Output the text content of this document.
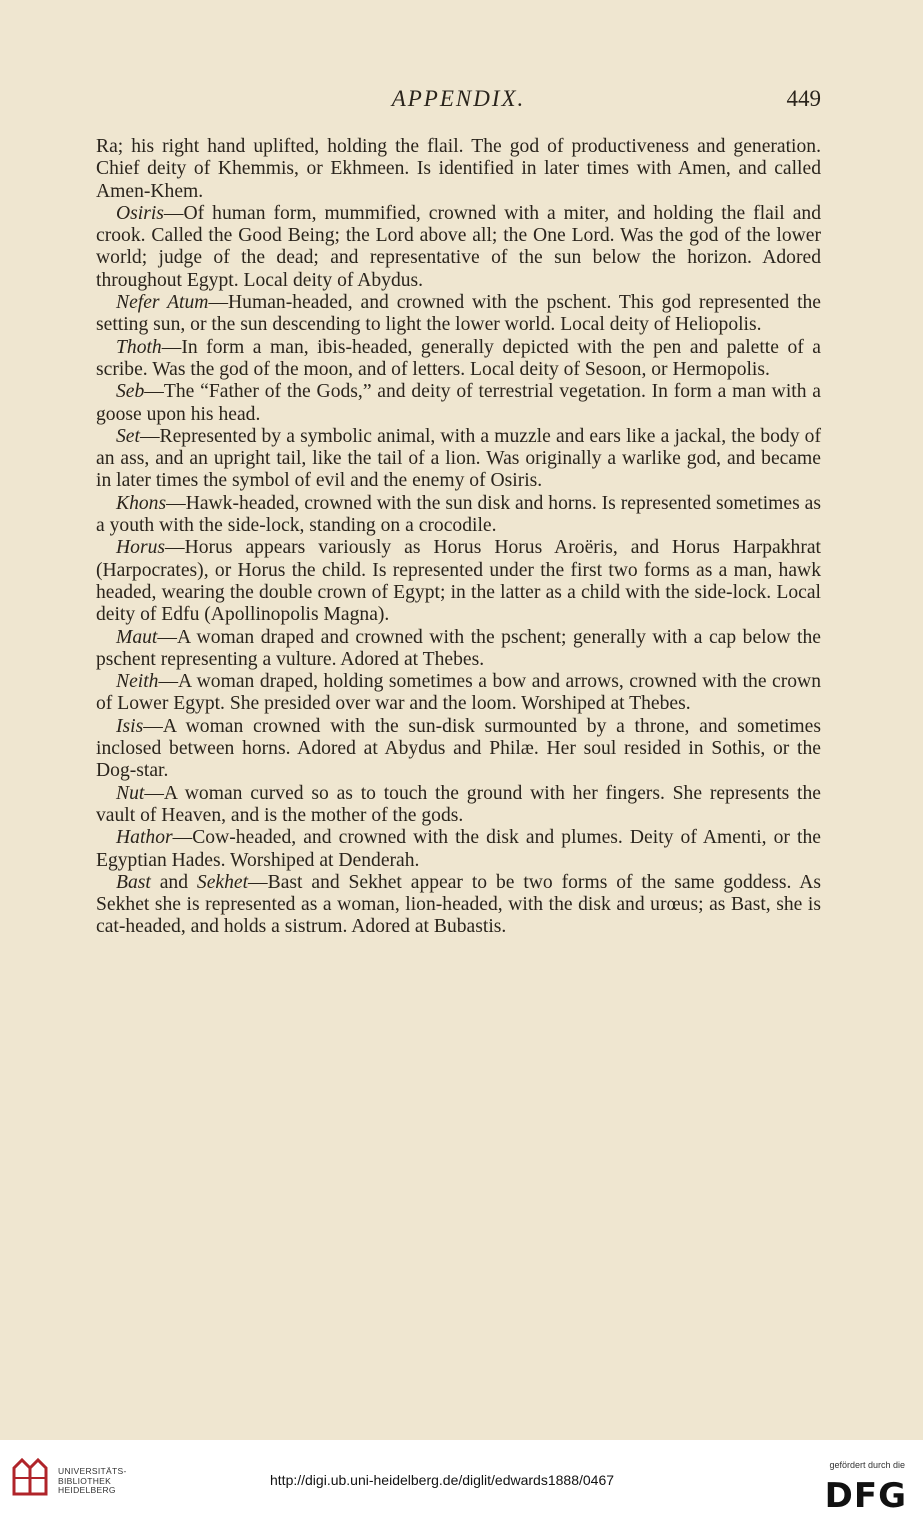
APPENDIX.	449

Ra; his right hand uplifted, holding the flail. The god of productiveness and generation. Chief deity of Khemmis, or Ekhmeen. Is identified in later times with Amen, and called Amen-Khem.

Osiris—Of human form, mummified, crowned with a miter, and holding the flail and crook. Called the Good Being; the Lord above all; the One Lord. Was the god of the lower world; judge of the dead; and representative of the sun below the horizon. Adored throughout Egypt. Local deity of Abydus.

Nefer Atum—Human-headed, and crowned with the pschent. This god represented the setting sun, or the sun descending to light the lower world. Local deity of Heliopolis.

Thoth—In form a man, ibis-headed, generally depicted with the pen and palette of a scribe. Was the god of the moon, and of letters. Local deity of Sesoon, or Hermopolis.

Seb—The “Father of the Gods,” and deity of terrestrial vegetation. In form a man with a goose upon his head.

Set—Represented by a symbolic animal, with a muzzle and ears like a jackal, the body of an ass, and an upright tail, like the tail of a lion. Was originally a warlike god, and became in later times the symbol of evil and the enemy of Osiris.

Khons—Hawk-headed, crowned with the sun disk and horns. Is represented sometimes as a youth with the side-lock, standing on a crocodile.

Horus—Horus appears variously as Horus Horus Aroëris, and Horus Harpakhrat (Harpocrates), or Horus the child. Is represented under the first two forms as a man, hawk headed, wearing the double crown of Egypt; in the latter as a child with the side-lock. Local deity of Edfu (Apollinopolis Magna).

Maut—A woman draped and crowned with the pschent; generally with a cap below the pschent representing a vulture. Adored at Thebes.

Neith—A woman draped, holding sometimes a bow and arrows, crowned with the crown of Lower Egypt. She presided over war and the loom. Worshiped at Thebes.

Isis—A woman crowned with the sun-disk surmounted by a throne, and sometimes inclosed between horns. Adored at Abydus and Philæ. Her soul resided in Sothis, or the Dog-star.

Nut—A woman curved so as to touch the ground with her fingers. She represents the vault of Heaven, and is the mother of the gods.

Hathor—Cow-headed, and crowned with the disk and plumes. Deity of Amenti, or the Egyptian Hades. Worshiped at Denderah.

Bast and Sekhet—Bast and Sekhet appear to be two forms of the same goddess. As Sekhet she is represented as a woman, lion-headed, with the disk and urœus; as Bast, she is cat-headed, and holds a sistrum. Adored at Bubastis.

UNIVERSITÄTS-
BIBLIOTHEK
HEIDELBERG
http://digi.ub.uni-heidelberg.de/diglit/edwards1888/0467
gefördert durch die
DFG
